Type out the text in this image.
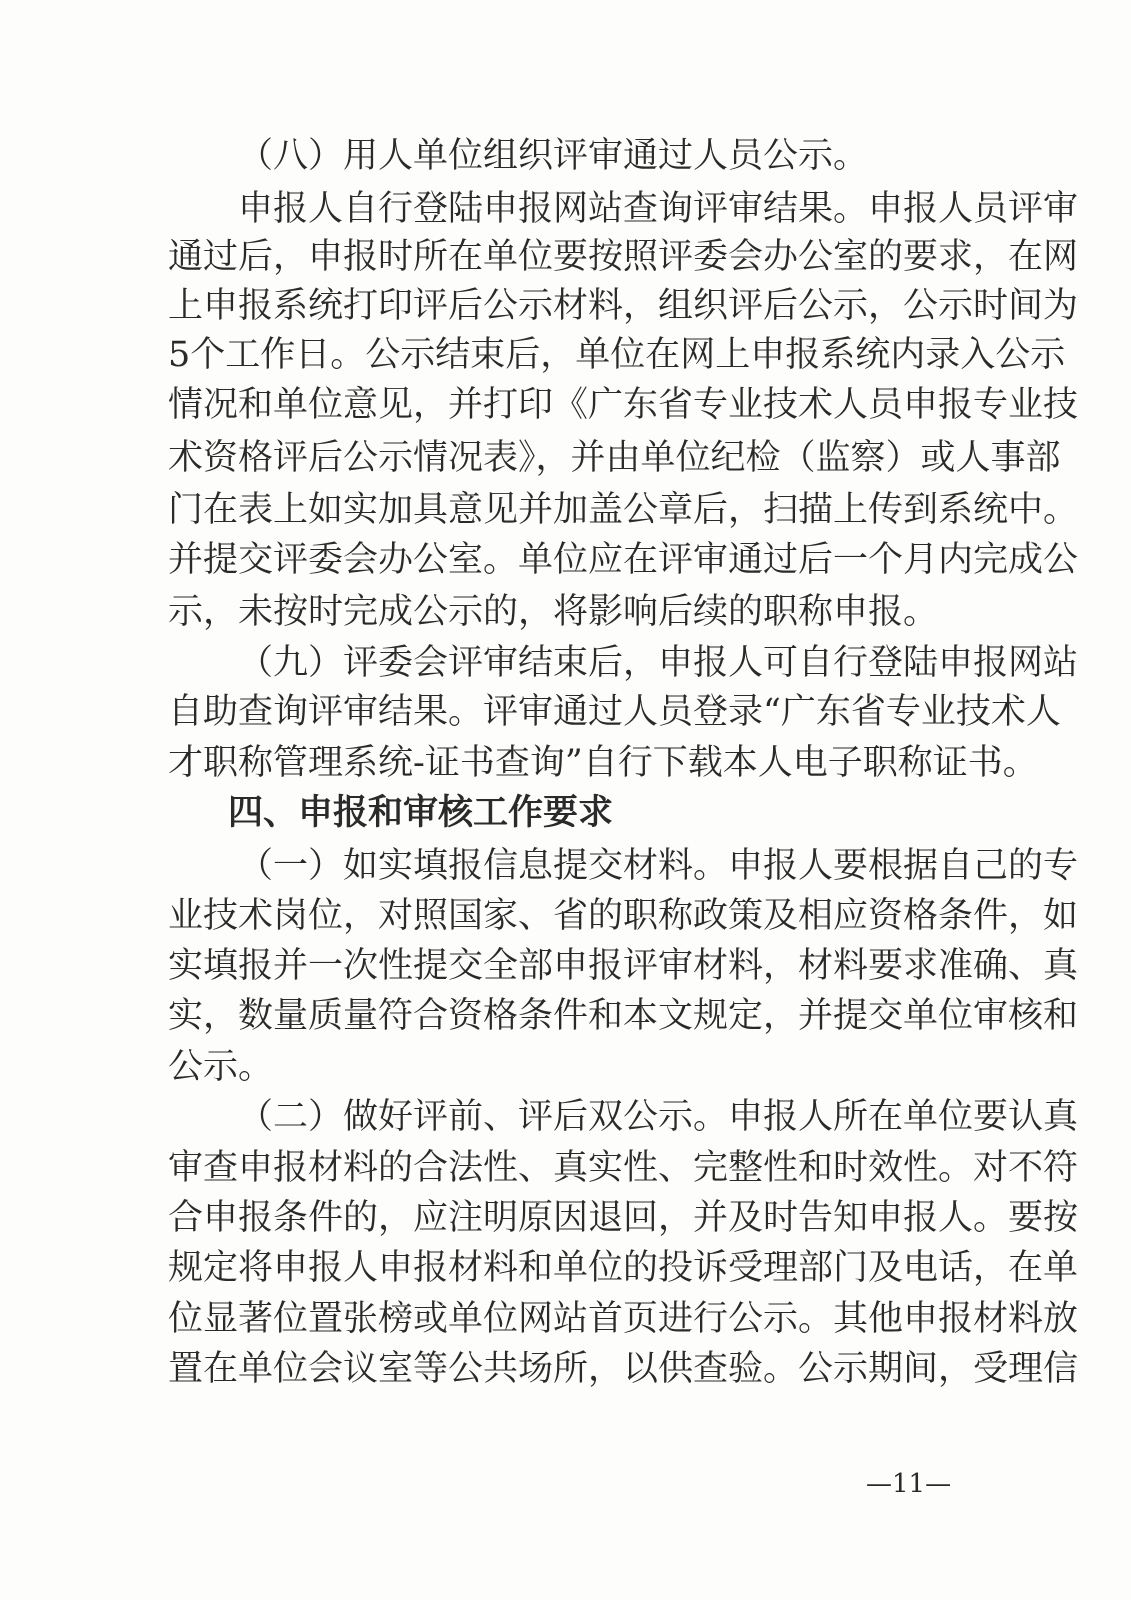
（八）用人单位组织评审通过人员公示。
申报人自行登陆申报网站查询评审结果。申报人员评审
通过后，申报时所在单位要按照评委会办公室的要求，在网
上申报系统打印评后公示材料，组织评后公示，公示时间为
5个工作日。公示结束后，单位在网上申报系统内录入公示
情况和单位意见，并打印《广东省专业技术人员申报专业技
术资格评后公示情况表》，并由单位纪检（监察）或人事部
门在表上如实加具意见并加盖公章后，扫描上传到系统中。
并提交评委会办公室。单位应在评审通过后一个月内完成公
示，未按时完成公示的，将影响后续的职称申报。
（九）评委会评审结束后，申报人可自行登陆申报网站
自助查询评审结果。评审通过人员登录“广东省专业技术人
才职称管理系统-证书查询”自行下载本人电子职称证书。
四、申报和审核工作要求
（一）如实填报信息提交材料。申报人要根据自己的专
业技术岗位，对照国家、省的职称政策及相应资格条件，如
实填报并一次性提交全部申报评审材料，材料要求准确、真
实，数量质量符合资格条件和本文规定，并提交单位审核和
公示。
（二）做好评前、评后双公示。申报人所在单位要认真
审查申报材料的合法性、真实性、完整性和时效性。对不符
合申报条件的，应注明原因退回，并及时告知申报人。要按
规定将申报人申报材料和单位的投诉受理部门及电话，在单
位显著位置张榜或单位网站首页进行公示。其他申报材料放
置在单位会议室等公共场所，以供查验。公示期间，受理信
—11—
